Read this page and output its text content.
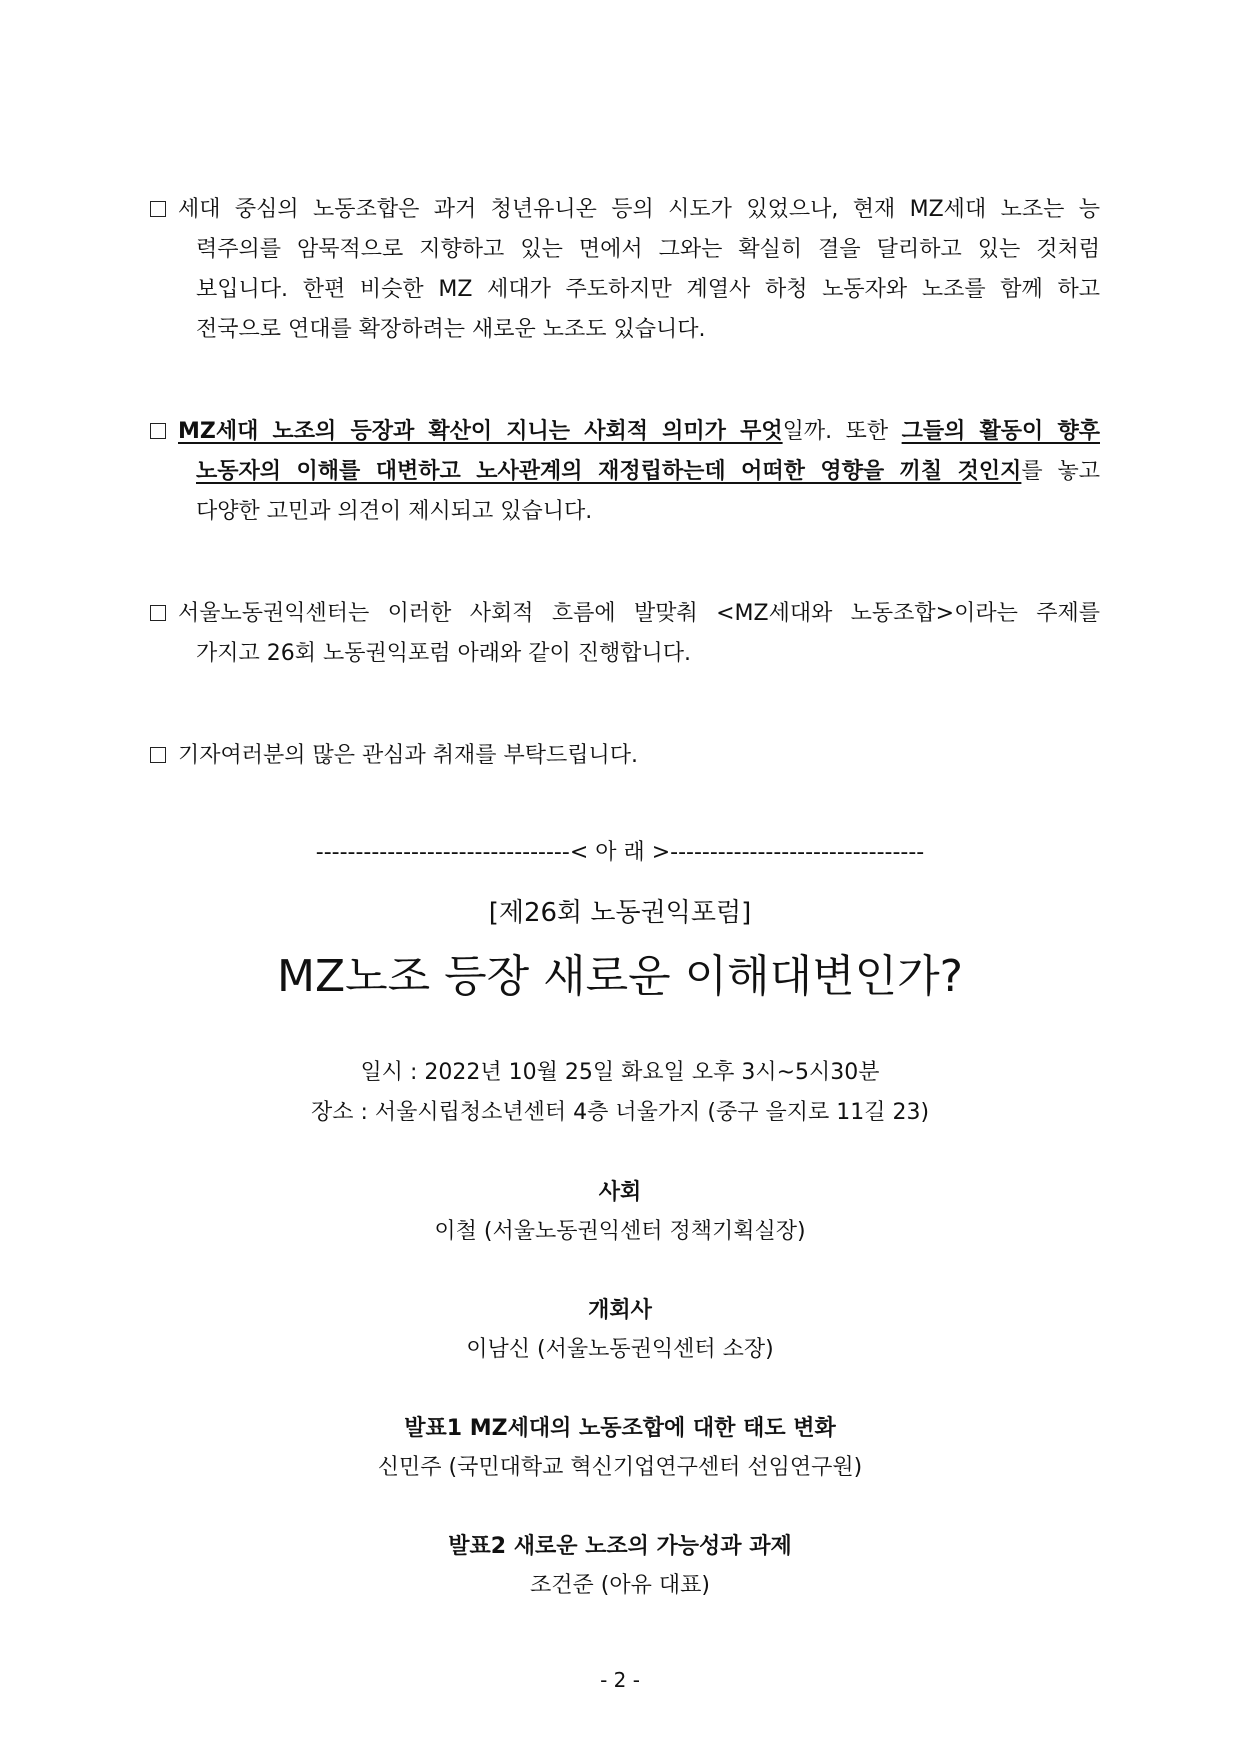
세대 중심의 노동조합은 과거 청년유니온 등의 시도가 있었으나, 현재 MZ세대 노조는 능
력주의를 암묵적으로 지향하고 있는 면에서 그와는 확실히 결을 달리하고 있는 것처럼
보입니다. 한편 비슷한 MZ 세대가 주도하지만 계열사 하청 노동자와 노조를 함께 하고
전국으로 연대를 확장하려는 새로운 노조도 있습니다.
MZ세대 노조의 등장과 확산이 지니는 사회적 의미가 무엇일까. 또한 그들의 활동이 향후
노동자의 이해를 대변하고 노사관계의 재정립하는데 어떠한 영향을 끼칠 것인지를 놓고
다양한 고민과 의견이 제시되고 있습니다.
서울노동권익센터는 이러한 사회적 흐름에 발맞춰 <MZ세대와 노동조합>이라는 주제를
가지고 26회 노동권익포럼 아래와 같이 진행합니다.
기자여러분의 많은 관심과 취재를 부탁드립니다.
--------------------------------< 아 래 >--------------------------------
[제26회 노동권익포럼]
MZ노조 등장 새로운 이해대변인가?
일시 : 2022년 10월 25일 화요일 오후 3시~5시30분
장소 : 서울시립청소년센터 4층 너울가지 (중구 을지로 11길 23)
사회
이철 (서울노동권익센터 정책기획실장)
개회사
이남신 (서울노동권익센터 소장)
발표1 MZ세대의 노동조합에 대한 태도 변화
신민주 (국민대학교 혁신기업연구센터 선임연구원)
발표2 새로운 노조의 가능성과 과제
조건준 (아유 대표)
- 2 -
